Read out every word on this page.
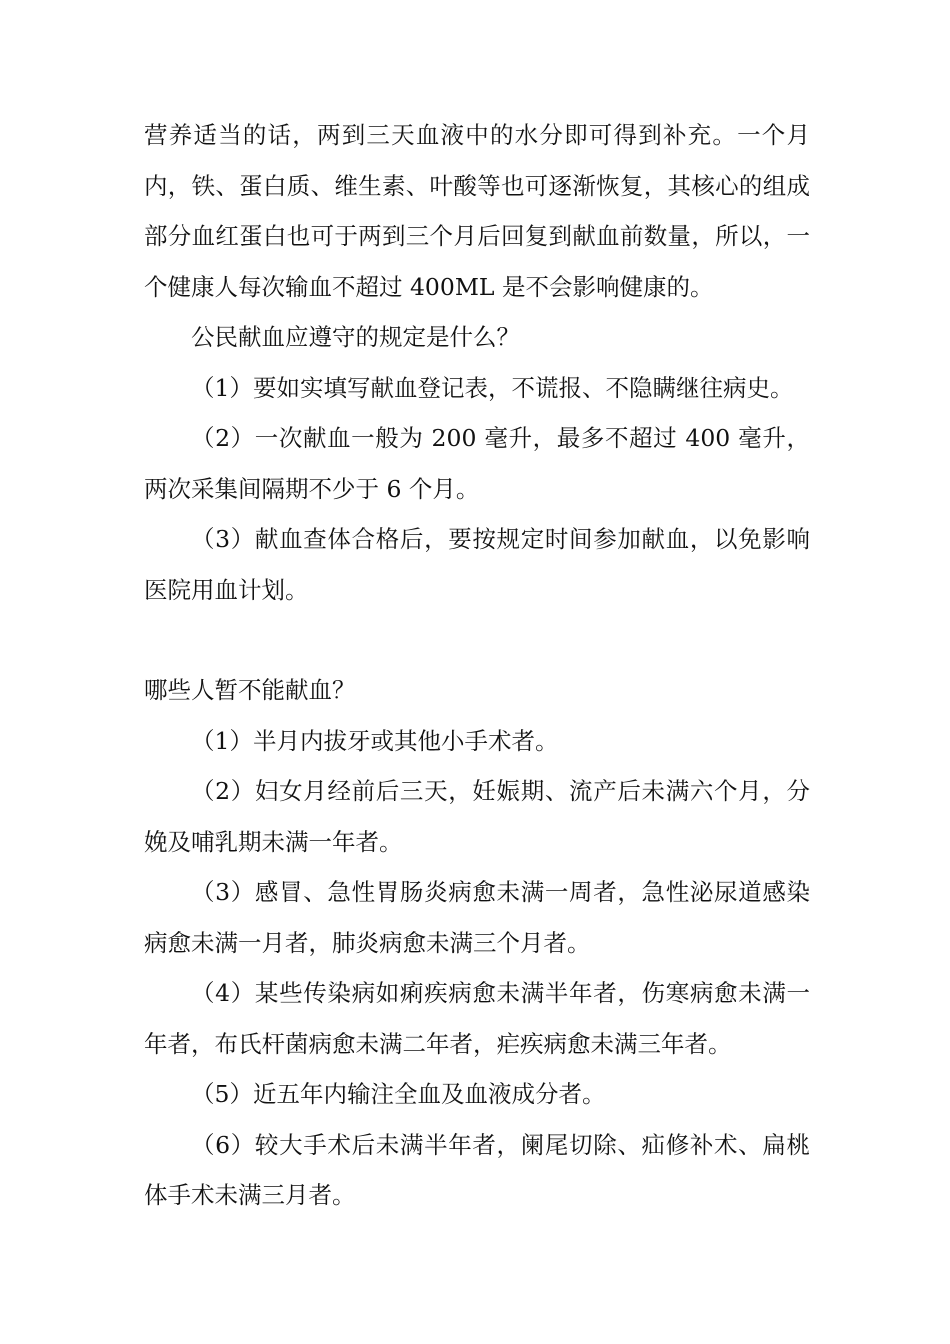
营养适当的话，两到三天血液中的水分即可得到补充。一个月内，铁、蛋白质、维生素、叶酸等也可逐渐恢复，其核心的组成部分血红蛋白也可于两到三个月后回复到献血前数量，所以，一个健康人每次输血不超过 400ML 是不会影响健康的。

公民献血应遵守的规定是什么？

（1）要如实填写献血登记表，不谎报、不隐瞒继往病史。

（2）一次献血一般为 200 毫升，最多不超过 400 毫升，两次采集间隔期不少于 6 个月。

（3）献血查体合格后，要按规定时间参加献血，以免影响医院用血计划。

哪些人暂不能献血？

（1）半月内拔牙或其他小手术者。

（2）妇女月经前后三天，妊娠期、流产后未满六个月，分娩及哺乳期未满一年者。

（3）感冒、急性胃肠炎病愈未满一周者，急性泌尿道感染病愈未满一月者，肺炎病愈未满三个月者。

（4）某些传染病如痢疾病愈未满半年者，伤寒病愈未满一年者，布氏杆菌病愈未满二年者，疟疾病愈未满三年者。

（5）近五年内输注全血及血液成分者。

（6）较大手术后未满半年者，阑尾切除、疝修补术、扁桃体手术未满三月者。
